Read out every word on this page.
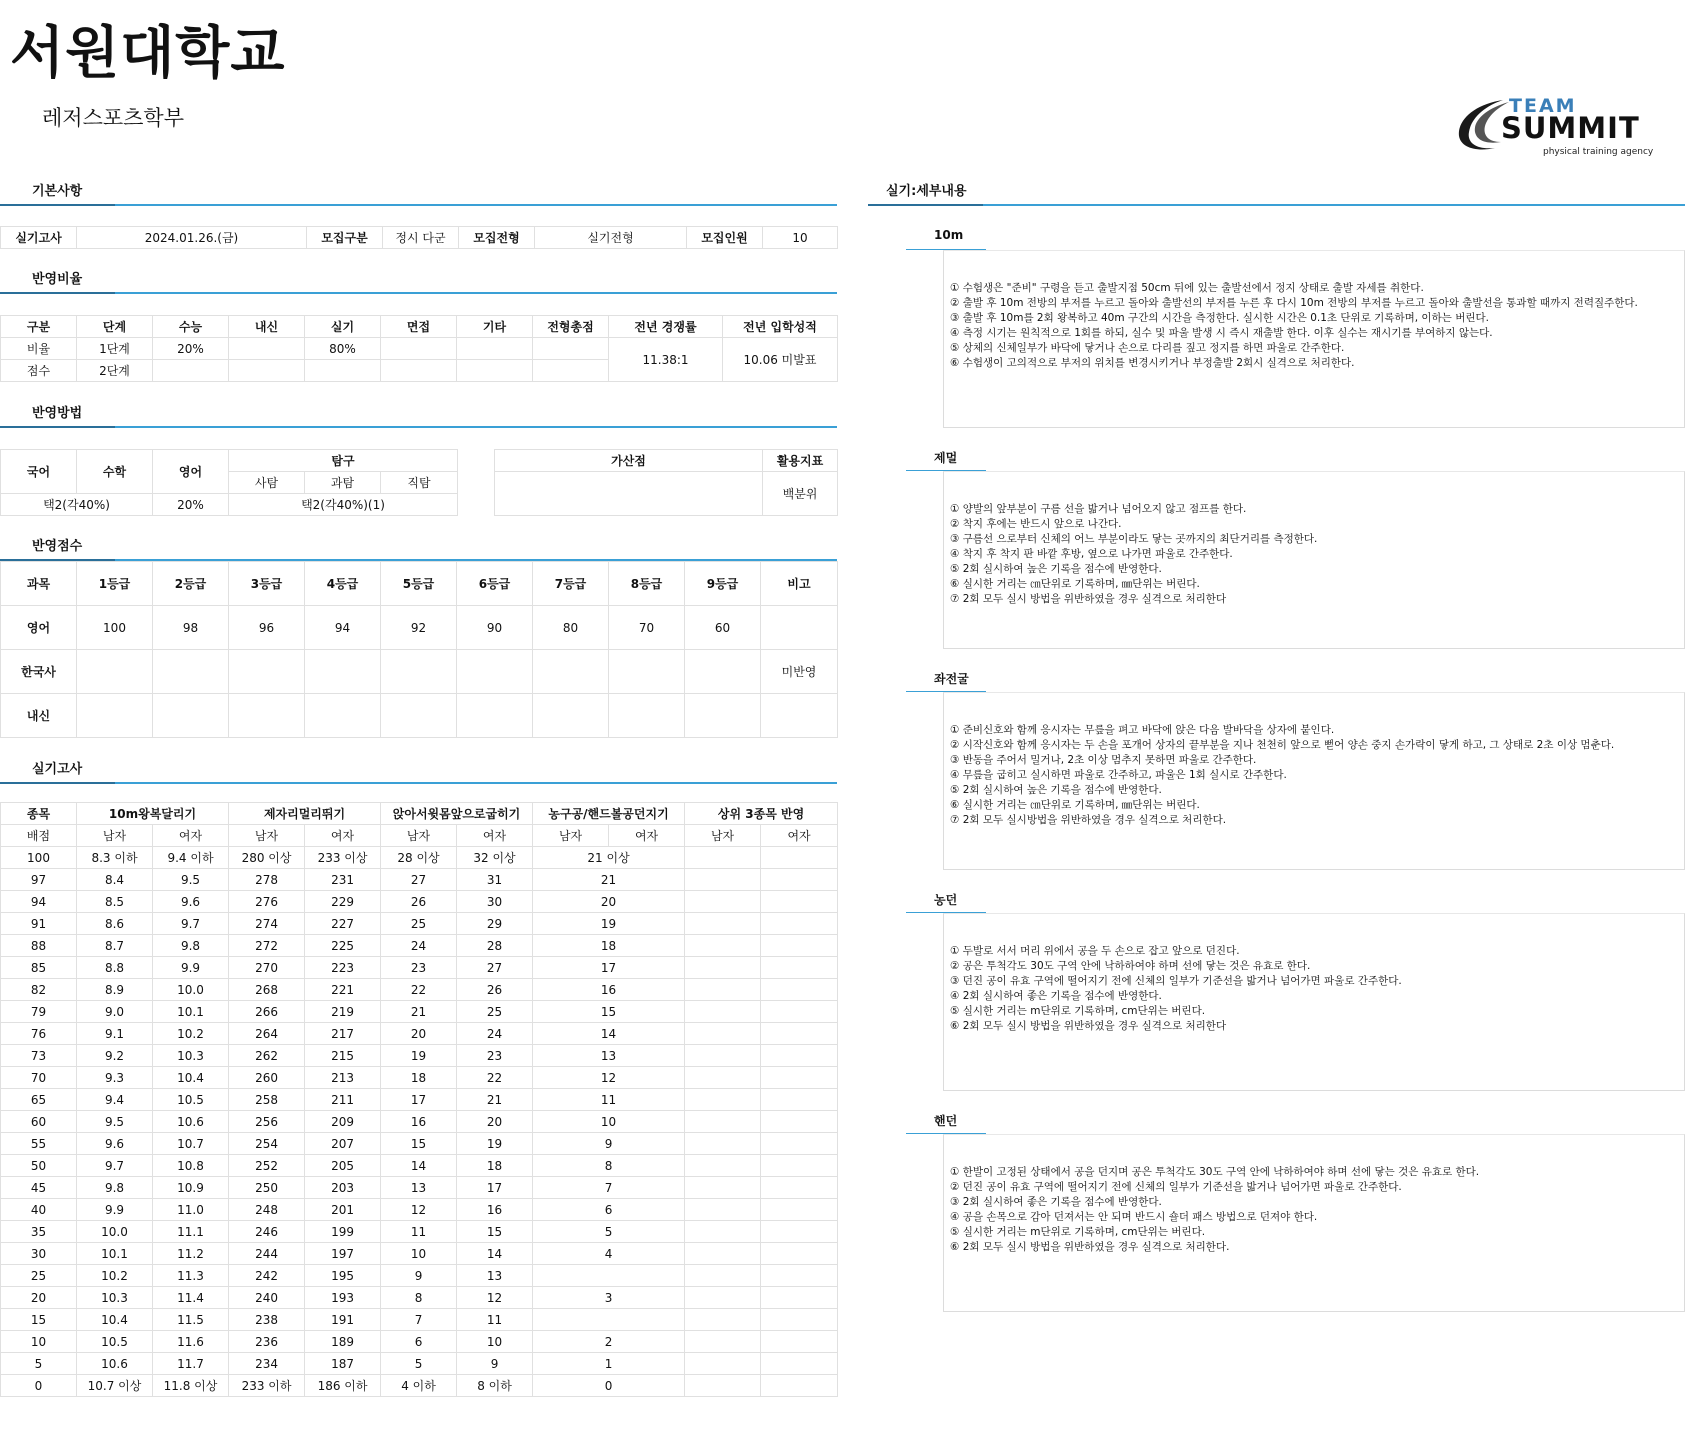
서원대학교
레저스포츠학부	TEAM
SUMMIT
physical training agency
기본사항
반영비율
반영방법
반영점수
실기고사
실기:세부내용
실기고사	2024.01.26.(금)	모집구분	정시 다군	모집전형	실기전형	모집인원	10
구분	단계	수능	내신	실기	면접	기타	전형총점	전년 경쟁률	전년 입학성적
비율	1단계	20%		80%				11.38:1	10.06 미발표
점수	2단계								
국어	수학	영어	탐구		
			사탐	과탐	직탐
택2(각40%)		20%	택2(각40%)(1)		
가산점	활용지표
	백분위
과목	1등급	2등급	3등급	4등급	5등급	6등급	7등급	8등급	9등급	비고
영어	100	98	96	94	92	90	80	70	60	
한국사										미반영
내신										
종목	10m왕복달리기		제자리멀리뛰기		앉아서윗몸앞으로굽히기		농구공/핸드볼공던지기		상위 3종목 반영	
배점	남자	여자	남자	여자	남자	여자	남자	여자	남자	여자
100	8.3 이하	9.4 이하	280 이상	233 이상	28 이상	32 이상	21 이상			
97	8.4	9.5	278	231	27	31	21			
94	8.5	9.6	276	229	26	30	20			
91	8.6	9.7	274	227	25	29	19			
88	8.7	9.8	272	225	24	28	18			
85	8.8	9.9	270	223	23	27	17			
82	8.9	10.0	268	221	22	26	16			
79	9.0	10.1	266	219	21	25	15			
76	9.1	10.2	264	217	20	24	14			
73	9.2	10.3	262	215	19	23	13			
70	9.3	10.4	260	213	18	22	12			
65	9.4	10.5	258	211	17	21	11			
60	9.5	10.6	256	209	16	20	10			
55	9.6	10.7	254	207	15	19	9			
50	9.7	10.8	252	205	14	18	8			
45	9.8	10.9	250	203	13	17	7			
40	9.9	11.0	248	201	12	16	6			
35	10.0	11.1	246	199	11	15	5			
30	10.1	11.2	244	197	10	14	4			
25	10.2	11.3	242	195	9	13				
20	10.3	11.4	240	193	8	12	3			
15	10.4	11.5	238	191	7	11				
10	10.5	11.6	236	189	6	10	2			
5	10.6	11.7	234	187	5	9	1			
0	10.7 이상	11.8 이상	233 이하	186 이하	4 이하	8 이하	0			
10m

① 수험생은 "준비" 구령을 듣고 출발지점 50cm 뒤에 있는 출발선에서 정지 상태로 출발 자세를 취한다.

② 출발 후 10m 전방의 부저를 누르고 돌아와 출발선의 부저를 누른 후 다시 10m 전방의 부저를 누르고 돌아와 출발선을 통과할 때까지 전력질주한다.

③ 출발 후 10m를 2회 왕복하고 40m 구간의 시간을 측정한다. 실시한 시간은 0.1초 단위로 기록하며, 이하는 버린다.

④ 측정 시기는 원칙적으로 1회를 하되, 실수 및 파울 발생 시 즉시 재출발 한다. 이후 실수는 재시기를 부여하지 않는다.

⑤ 상체의 신체일부가 바닥에 닿거나 손으로 다리를 짚고 정지를 하면 파울로 간주한다.

⑥ 수험생이 고의적으로 부저의 위치를 변경시키거나 부정출발 2회시 실격으로 처리한다.

제멀

① 양발의 앞부분이 구름 선을 밟거나 넘어오지 않고 점프를 한다.

② 착지 후에는 반드시 앞으로 나간다.

③ 구름선 으로부터 신체의 어느 부분이라도 닿는 곳까지의 최단거리를 측정한다.

④ 착지 후 착지 판 바깥 후방, 옆으로 나가면 파울로 간주한다.

⑤ 2회 실시하여 높은 기록을 점수에 반영한다.

⑥ 실시한 거리는 ㎝단위로 기록하며, ㎜단위는 버린다.

⑦ 2회 모두 실시 방법을 위반하였을 경우 실격으로 처리한다

좌전굴

① 준비신호와 함께 응시자는 무릎을 펴고 바닥에 앉은 다음 발바닥을 상자에 붙인다.

② 시작신호와 함께 응시자는 두 손을 포개어 상자의 끝부분을 지나 천천히 앞으로 뻗어 양손 중지 손가락이 닿게 하고, 그 상태로 2초 이상 멈춘다.

③ 반동을 주어서 밀거나, 2초 이상 멈추지 못하면 파울로 간주한다.

④ 무릎을 굽히고 실시하면 파울로 간주하고, 파울은 1회 실시로 간주한다.

⑤ 2회 실시하여 높은 기록을 점수에 반영한다.

⑥ 실시한 거리는 ㎝단위로 기록하며, ㎜단위는 버린다.

⑦ 2회 모두 실시방법을 위반하였을 경우 실격으로 처리한다.

농던

① 두발로 서서 머리 위에서 공을 두 손으로 잡고 앞으로 던진다.

② 공은 투척각도 30도 구역 안에 낙하하여야 하며 선에 닿는 것은 유효로 한다.

③ 던진 공이 유효 구역에 떨어지기 전에 신체의 일부가 기준선을 밟거나 넘어가면 파울로 간주한다.

④ 2회 실시하여 좋은 기록을 점수에 반영한다.

⑤ 실시한 거리는 m단위로 기록하며, cm단위는 버린다.

⑥ 2회 모두 실시 방법을 위반하였을 경우 실격으로 처리한다

핸던

① 한발이 고정된 상태에서 공을 던지며 공은 투척각도 30도 구역 안에 낙하하여야 하며 선에 닿는 것은 유효로 한다.

② 던진 공이 유효 구역에 떨어지기 전에 신체의 일부가 기준선을 밟거나 넘어가면 파울로 간주한다.

③ 2회 실시하여 좋은 기록을 점수에 반영한다.

④ 공을 손목으로 감아 던져서는 안 되며 반드시 숄더 패스 방법으로 던져야 한다.

⑤ 실시한 거리는 m단위로 기록하며, cm단위는 버린다.

⑥ 2회 모두 실시 방법을 위반하였을 경우 실격으로 처리한다.
